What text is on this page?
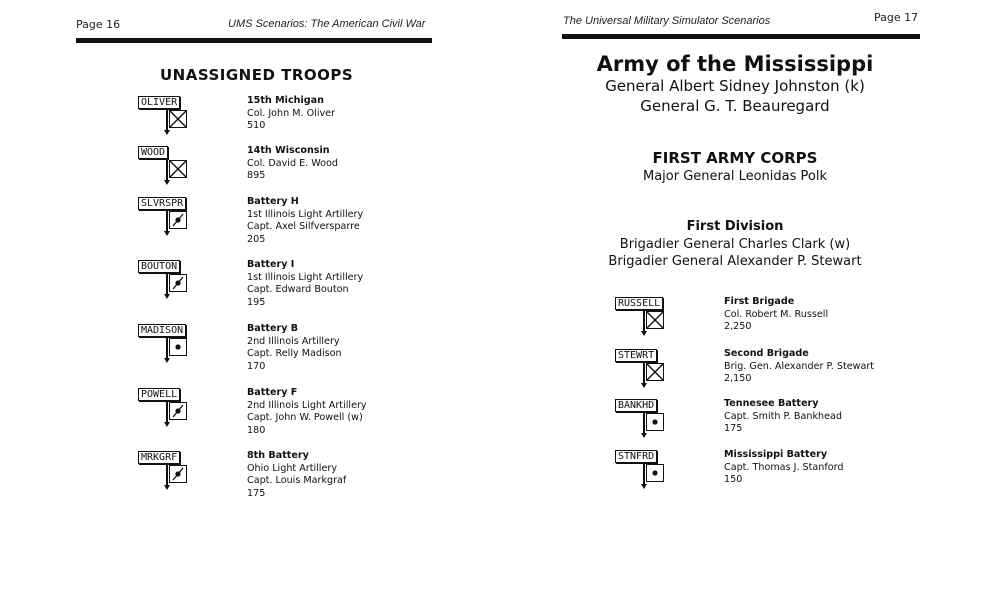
Page 16	UMS Scenarios: The American Civil War
UNASSIGNED TROOPS
OLIVER	15th Michigan
Col. John M. Oliver
510
WOOD	14th Wisconsin
Col. David E. Wood
895
SLVRSPR	Battery H
1st Illinois Light Artillery
Capt. Axel Silfversparre
205
BOUTON	Battery I
1st Illinois Light Artillery
Capt. Edward Bouton
195
MADISON	Battery B
2nd Illinois Artillery
Capt. Relly Madison
170
POWELL	Battery F
2nd Illinois Light Artillery
Capt. John W. Powell (w)
180
MRKGRF	8th Battery
Ohio Light Artillery
Capt. Louis Markgraf
175
The Universal Military Simulator Scenarios	Page 17
Army of the Mississippi
General Albert Sidney Johnston (k)
General G. T. Beauregard
FIRST ARMY CORPS
Major General Leonidas Polk
First Division
Brigadier General Charles Clark (w)
Brigadier General Alexander P. Stewart
RUSSELL	First Brigade
Col. Robert M. Russell
2,250
STEWRT	Second Brigade
Brig. Gen. Alexander P. Stewart
2,150
BANKHD	Tennesee Battery
Capt. Smith P. Bankhead
175
STNFRD	Mississippi Battery
Capt. Thomas J. Stanford
150
